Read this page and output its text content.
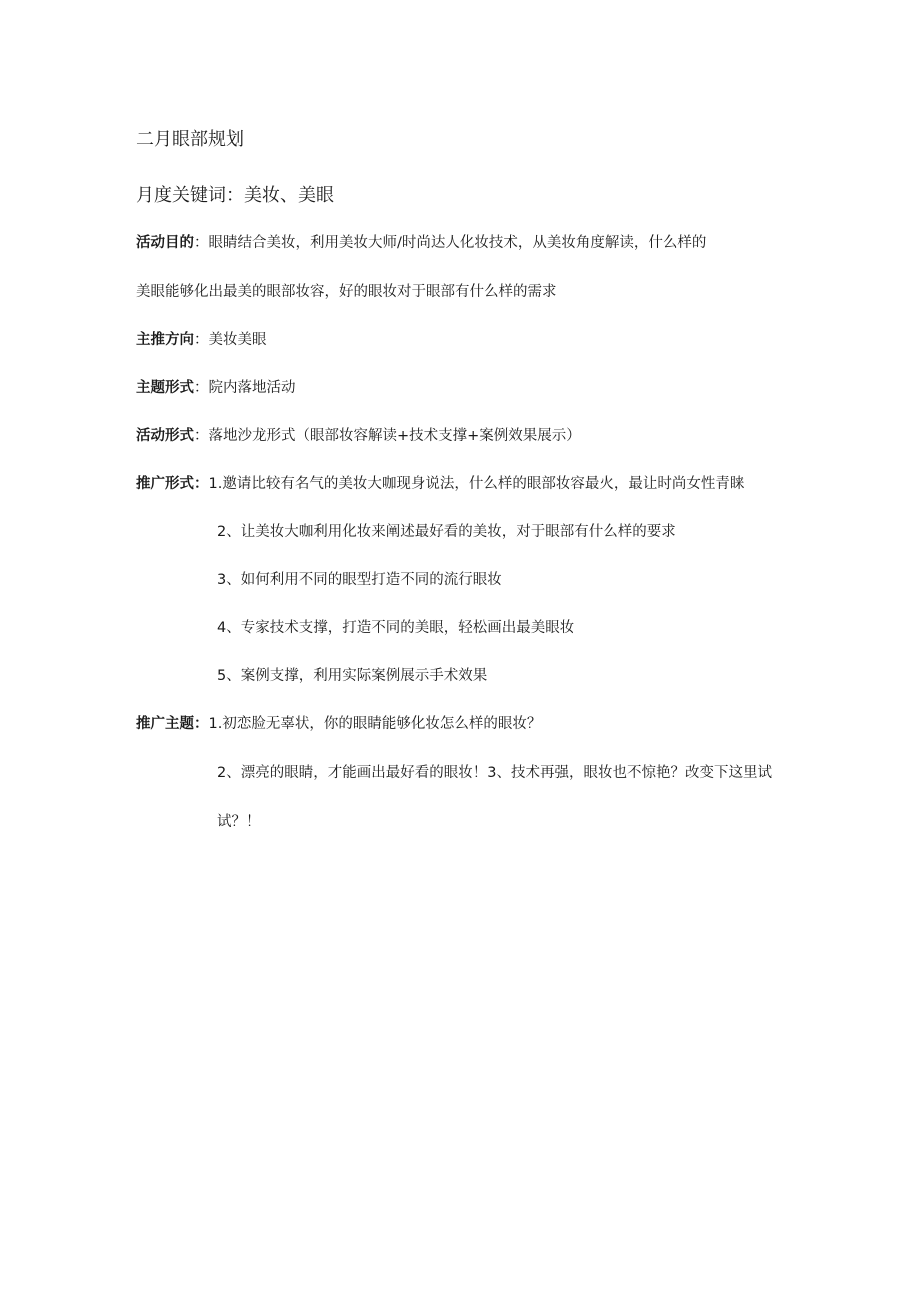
二月眼部规划
月度关键词：美妆、美眼
活动目的：眼睛结合美妆，利用美妆大师/时尚达人化妆技术，从美妆角度解读，什么样的
美眼能够化出最美的眼部妆容，好的眼妆对于眼部有什么样的需求
主推方向：美妆美眼
主题形式：院内落地活动
活动形式：落地沙龙形式（眼部妆容解读+技术支撑+案例效果展示）
推广形式：1.邀请比较有名气的美妆大咖现身说法，什么样的眼部妆容最火，最让时尚女性青睐
2、让美妆大咖利用化妆来阐述最好看的美妆，对于眼部有什么样的要求
3、如何利用不同的眼型打造不同的流行眼妆
4、专家技术支撑，打造不同的美眼，轻松画出最美眼妆
5、案例支撑，利用实际案例展示手术效果
推广主题：1.初恋脸无辜状，你的眼睛能够化妆怎么样的眼妆？
2、漂亮的眼睛，才能画出最好看的眼妆！3、技术再强，眼妆也不惊艳？改变下这里试
试？！
